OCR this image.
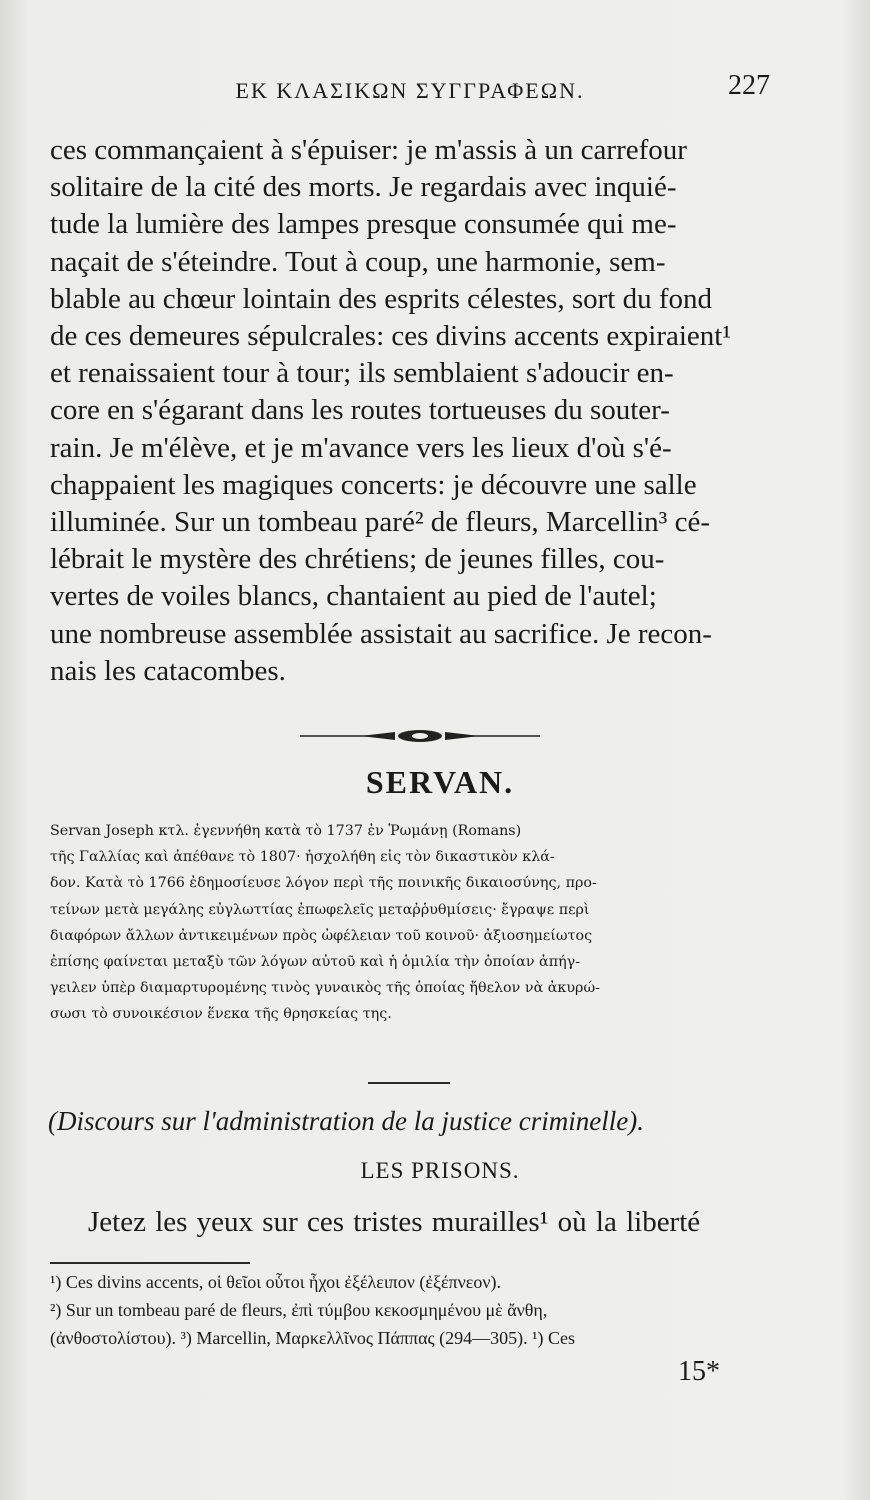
ΕΚ ΚΛΑΣΙΚΩΝ ΣΥΓΓΡΑΦΕΩΝ.	227
ces commançaient à s'épuiser: je m'assis à un carrefour
solitaire de la cité des morts. Je regardais avec inquié-
tude la lumière des lampes presque consumée qui me-
naçait de s'éteindre. Tout à coup, une harmonie, sem-
blable au chœur lointain des esprits célestes, sort du fond
de ces demeures sépulcrales: ces divins accents expiraient¹
et renaissaient tour à tour; ils semblaient s'adoucir en-
core en s'égarant dans les routes tortueuses du souter-
rain. Je m'élève, et je m'avance vers les lieux d'où s'é-
chappaient les magiques concerts: je découvre une salle
illuminée. Sur un tombeau paré² de fleurs, Marcellin³ cé-
lébrait le mystère des chrétiens; de jeunes filles, cou-
vertes de voiles blancs, chantaient au pied de l'autel;
une nombreuse assemblée assistait au sacrifice. Je recon-
nais les catacombes.
SERVAN.
Servan Joseph κτλ. ἐγεννήθη κατὰ τὸ 1737 ἐν Ῥωμάνῃ (Romans)
τῆς Γαλλίας καὶ ἀπέθανε τὸ 1807· ἠσχολήθη εἰς τὸν δικαστικὸν κλά-
δον. Κατὰ τὸ 1766 ἐδημοσίευσε λόγον περὶ τῆς ποινικῆς δικαιοσύνης, προ-
τείνων μετὰ μεγάλης εὐγλωττίας ἐπωφελεῖς μεταῤῥυθμίσεις· ἔγραψε περὶ
διαφόρων ἄλλων ἀντικειμένων πρὸς ὠφέλειαν τοῦ κοινοῦ· ἀξιοσημείωτος
ἐπίσης φαίνεται μεταξὺ τῶν λόγων αὐτοῦ καὶ ἡ ὁμιλία τὴν ὁποίαν ἀπήγ-
γειλεν ὑπὲρ διαμαρτυρομένης τινὸς γυναικὸς τῆς ὁποίας ἤθελον νὰ ἀκυρώ-
σωσι τὸ συνοικέσιον ἕνεκα τῆς θρησκείας της.
(Discours sur l'administration de la justice criminelle).
LES PRISONS.
Jetez les yeux sur ces tristes murailles¹ où la liberté
¹) Ces divins accents, οἱ θεῖοι οὗτοι ἦχοι ἐξέλειπον (ἐξέπνεον).
²) Sur un tombeau paré de fleurs, ἐπὶ τύμβου κεκοσμημένου μὲ ἄνθη,
(ἀνθοστολίστου). ³) Marcellin, Μαρκελλῖνος Πάππας (294—305). ¹) Ces
15*
